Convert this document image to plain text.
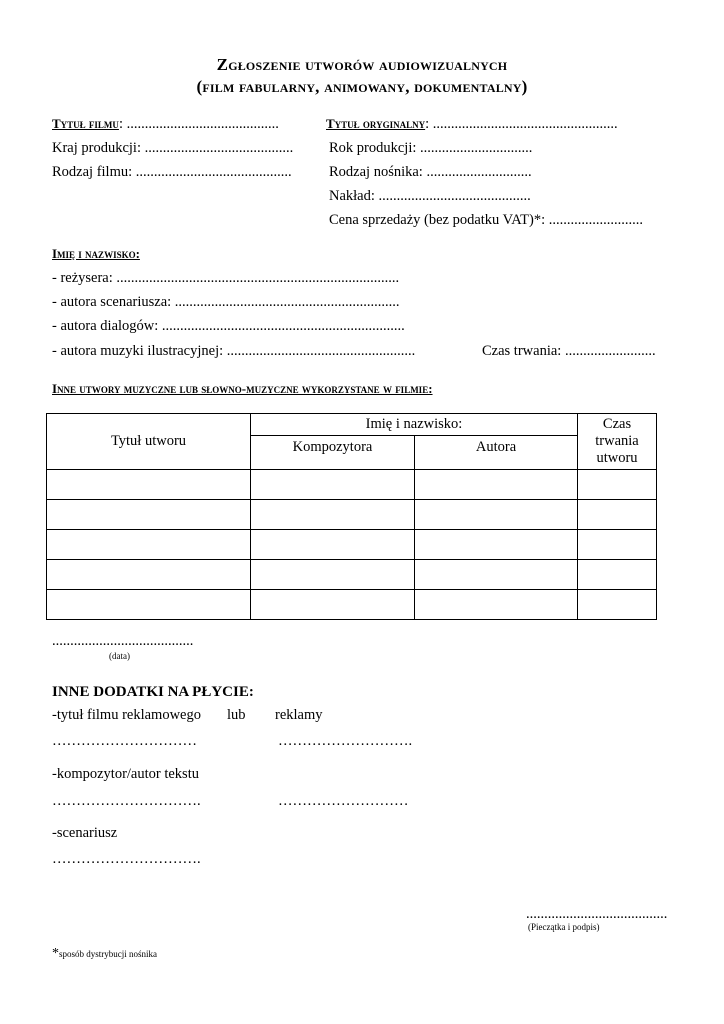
Zgłoszenie utworów audiowizualnych
(film fabularny, animowany, dokumentalny)
Tytuł filmu: ..........................................	Tytuł oryginalny: ...................................................
Kraj produkcji: ......................................... Rok produkcji: ...............................
Rodzaj filmu: ...........................................	Rodzaj nośnika: .............................
Nakład: ..........................................
Cena sprzedaży (bez podatku VAT)*: ..........................
Imię i nazwisko:
- reżysera: ..............................................................................
- autora scenariusza: ..............................................................
- autora dialogów: ...................................................................
- autora muzyki ilustracyjnej: ....................................................	Czas trwania: .........................
Inne utwory muzyczne lub słowno-muzyczne wykorzystane w filmie:
Tytuł utworu	Imię i nazwisko:		Czas trwania utworu
	Kompozytora	Autora	

.......................................
(data)
INNE DODATKI NA PŁYCIE:
-tytuł filmu reklamowego lub reklamy
…………………………	……………………….
-kompozytor/autor tekstu
………………………….	………………………
-scenariusz
………………………….
.......................................
(Pieczątka i podpis)
*sposób dystrybucji nośnika
